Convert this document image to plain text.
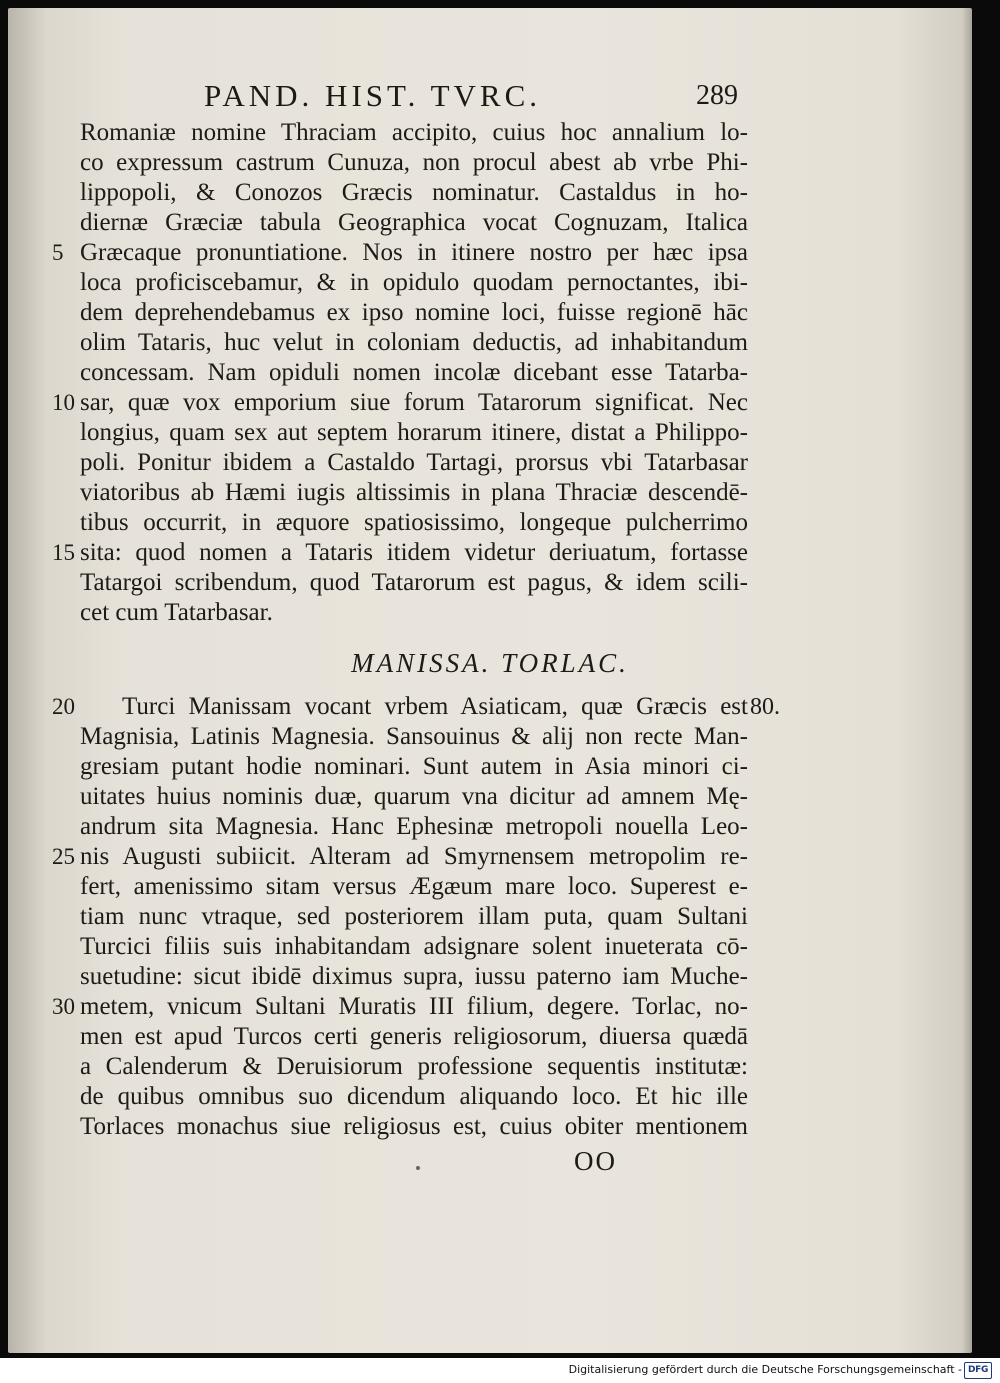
PAND. HIST. TVRC.	289
Romaniæ nomine Thraciam accipito, cuius hoc annalium lo-
co expressum castrum Cunuza, non procul abest ab vrbe Phi-
lippopoli, & Conozos Græcis nominatur. Castaldus in ho-
diernæ Græciæ tabula Geographica vocat Cognuzam, Italica
Græcaque pronuntiatione. Nos in itinere nostro per hæc ipsa
loca proficiscebamur, & in opidulo quodam pernoctantes, ibi-
dem deprehendebamus ex ipso nomine loci, fuisse regionē hāc
olim Tataris, huc velut in coloniam deductis, ad inhabitandum
concessam. Nam opiduli nomen incolæ dicebant esse Tatarba-
sar, quæ vox emporium siue forum Tatarorum significat. Nec
longius, quam sex aut septem horarum itinere, distat a Philippo-
poli. Ponitur ibidem a Castaldo Tartagi, prorsus vbi Tatarbasar
viatoribus ab Hæmi iugis altissimis in plana Thraciæ descendē-
tibus occurrit, in æquore spatiosissimo, longeque pulcherrimo
sita: quod nomen a Tataris itidem videtur deriuatum, fortasse
Tatargoi scribendum, quod Tatarorum est pagus, & idem scili-
cet cum Tatarbasar.
MANISSA. TORLAC.
Turci Manissam vocant vrbem Asiaticam, quæ Græcis est
Magnisia, Latinis Magnesia. Sansouinus & alij non recte Man-
gresiam putant hodie nominari. Sunt autem in Asia minori ci-
uitates huius nominis duæ, quarum vna dicitur ad amnem Mę-
andrum sita Magnesia. Hanc Ephesinæ metropoli nouella Leo-
nis Augusti subiicit. Alteram ad Smyrnensem metropolim re-
fert, amenissimo sitam versus Ægæum mare loco. Superest e-
tiam nunc vtraque, sed posteriorem illam puta, quam Sultani
Turcici filiis suis inhabitandam adsignare solent inueterata cō-
suetudine: sicut ibidē diximus supra, iussu paterno iam Muche-
metem, vnicum Sultani Muratis III filium, degere. Torlac, no-
men est apud Turcos certi generis religiosorum, diuersa quædā
a Calenderum & Deruisiorum professione sequentis institutæ:
de quibus omnibus suo dicendum aliquando loco. Et hic ille
Torlaces monachus siue religiosus est, cuius obiter mentionem
5
10
15
20
25
30
80.
OO
Digitalisierung gefördert durch die Deutsche Forschungsgemeinschaft - DFG
